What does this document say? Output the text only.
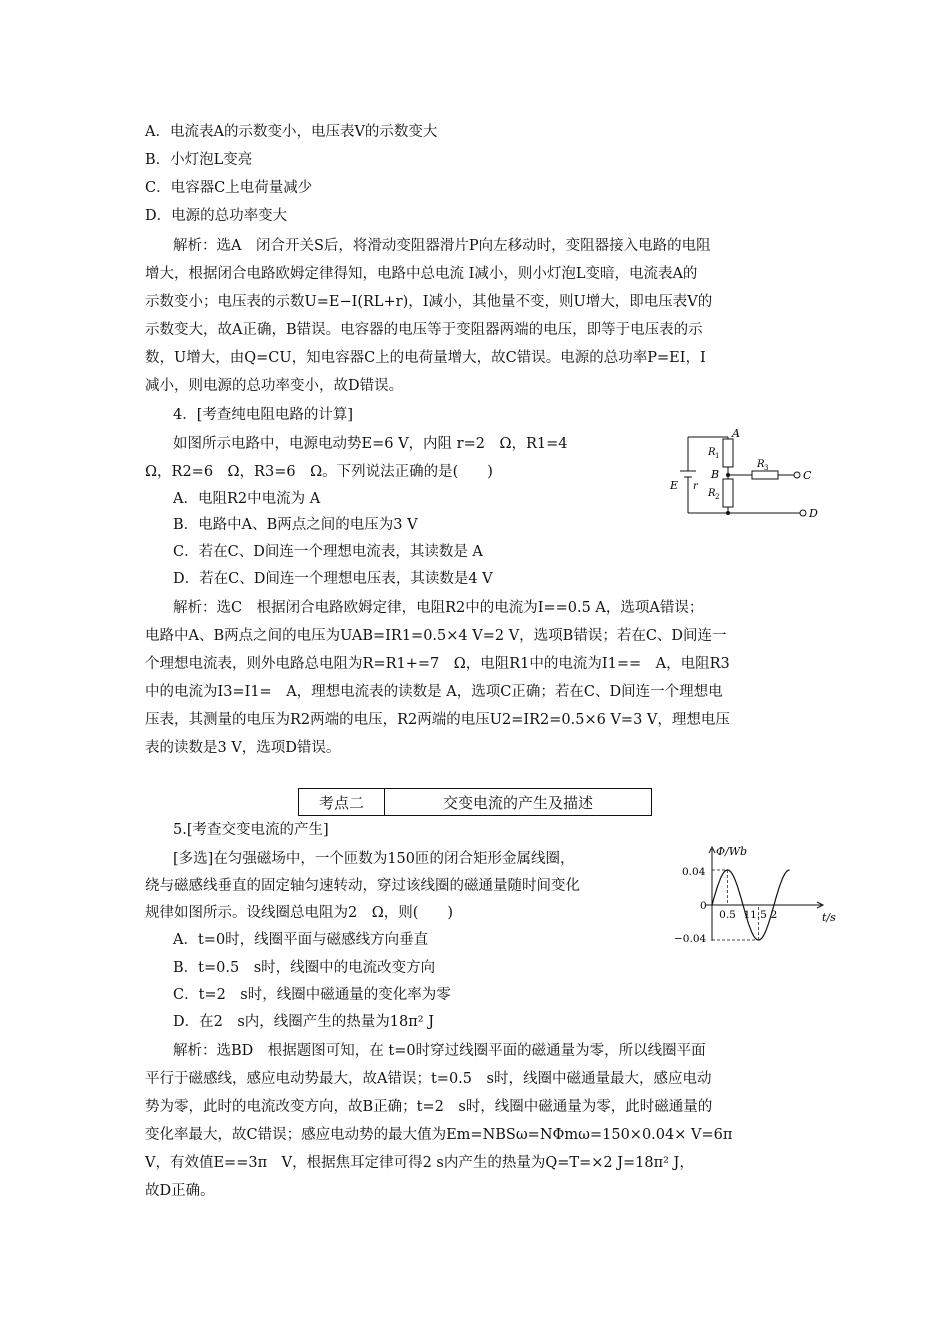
A．电流表A的示数变小，电压表V的示数变大
B．小灯泡L变亮
C．电容器C上电荷量减少
D．电源的总功率变大
解析：选A　闭合开关S后，将滑动变阻器滑片P向左移动时，变阻器接入电路的电阻
增大，根据闭合电路欧姆定律得知，电路中总电流 I减小，则小灯泡L变暗，电流表A的
示数变小；电压表的示数U=E−I(RL+r)，I减小，其他量不变，则U增大，即电压表V的
示数变大，故A正确，B错误。电容器的电压等于变阻器两端的电压，即等于电压表的示
数，U增大，由Q=CU，知电容器C上的电荷量增大，故C错误。电源的总功率P=EI，I
减小，则电源的总功率变小，故D错误。
4．[考查纯电阻电路的计算]
如图所示电路中，电源电动势E=6 V，内阻 r=2　Ω，R1=4
Ω，R2=6　Ω，R3=6　Ω。下列说法正确的是(　　)
A．电阻R2中电流为 A
B．电路中A、B两点之间的电压为3 V
C．若在C、D间连一个理想电流表，其读数是 A
D．若在C、D间连一个理想电压表，其读数是4 V
A
B	C
D
R 1
R 2
R 3
E r
解析：选C　根据闭合电路欧姆定律，电阻R2中的电流为I==0.5 A，选项A错误；
电路中A、B两点之间的电压为UAB=IR1=0.5×4 V=2 V，选项B错误；若在C、D间连一
个理想电流表，则外电路总电阻为R=R1+=7　Ω，电阻R1中的电流为I1==　A，电阻R3
中的电流为I3=I1=　A，理想电流表的读数是 A，选项C正确；若在C、D间连一个理想电
压表，其测量的电压为R2两端的电压，R2两端的电压U2=IR2=0.5×6 V=3 V，理想电压
表的读数是3 V，选项D错误。
考点二	交变电流的产生及描述
5.[考查交变电流的产生]
[多选]在匀强磁场中，一个匝数为150匝的闭合矩形金属线圈，
绕与磁感线垂直的固定轴匀速转动，穿过该线圈的磁通量随时间变化
规律如图所示。设线圈总电阻为2　Ω，则(　　)
A．t=0时，线圈平面与磁感线方向垂直
B．t=0.5　s时，线圈中的电流改变方向
C．t=2　s时，线圈中磁通量的变化率为零
D．在2　s内，线圈产生的热量为18π² J
Φ/Wb
t/s
0.04
0
−0.04
0.5 1 1.5 2
解析：选BD　根据题图可知，在 t=0时穿过线圈平面的磁通量为零，所以线圈平面
平行于磁感线，感应电动势最大，故A错误；t=0.5　s时，线圈中磁通量最大，感应电动
势为零，此时的电流改变方向，故B正确；t=2　s时，线圈中磁通量为零，此时磁通量的
变化率最大，故C错误；感应电动势的最大值为Em=NBSω=NΦmω=150×0.04× V=6π
V，有效值E==3π　V，根据焦耳定律可得2 s内产生的热量为Q=T=×2 J=18π² J，
故D正确。
